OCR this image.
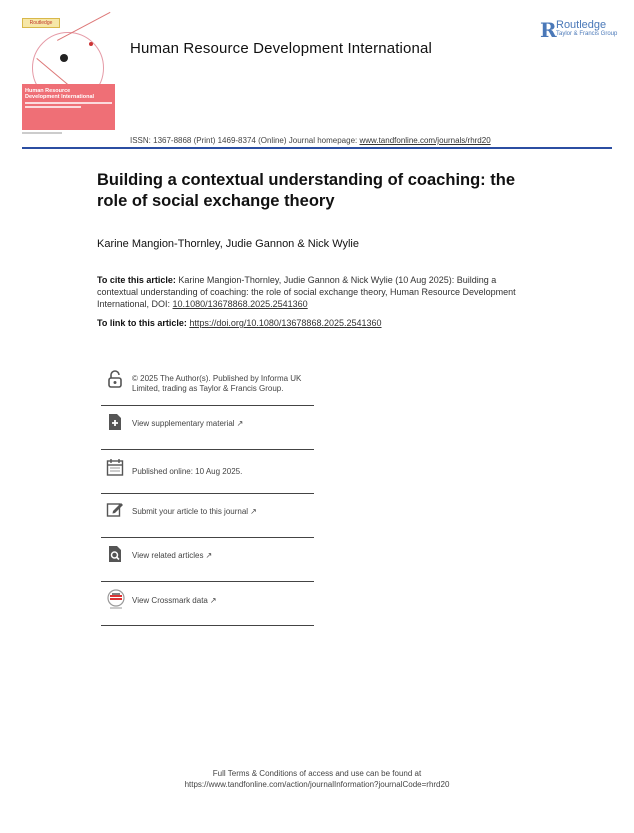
Routledge
Human Resource
Development International
Human Resource Development International
R Routledge
Taylor & Francis Group
ISSN: 1367-8868 (Print) 1469-8374 (Online) Journal homepage: www.tandfonline.com/journals/rhrd20
Building a contextual understanding of coaching: the role of social exchange theory
Karine Mangion-Thornley, Judie Gannon & Nick Wylie
To cite this article: Karine Mangion-Thornley, Judie Gannon & Nick Wylie (10 Aug 2025): Building a contextual understanding of coaching: the role of social exchange theory, Human Resource Development International, DOI: 10.1080/13678868.2025.2541360
To link to this article: https://doi.org/10.1080/13678868.2025.2541360
© 2025 The Author(s). Published by Informa UK Limited, trading as Taylor & Francis Group.
View supplementary material ↗
Published online: 10 Aug 2025.
Submit your article to this journal ↗
View related articles ↗
View Crossmark data ↗
Full Terms & Conditions of access and use can be found at
https://www.tandfonline.com/action/journalInformation?journalCode=rhrd20
